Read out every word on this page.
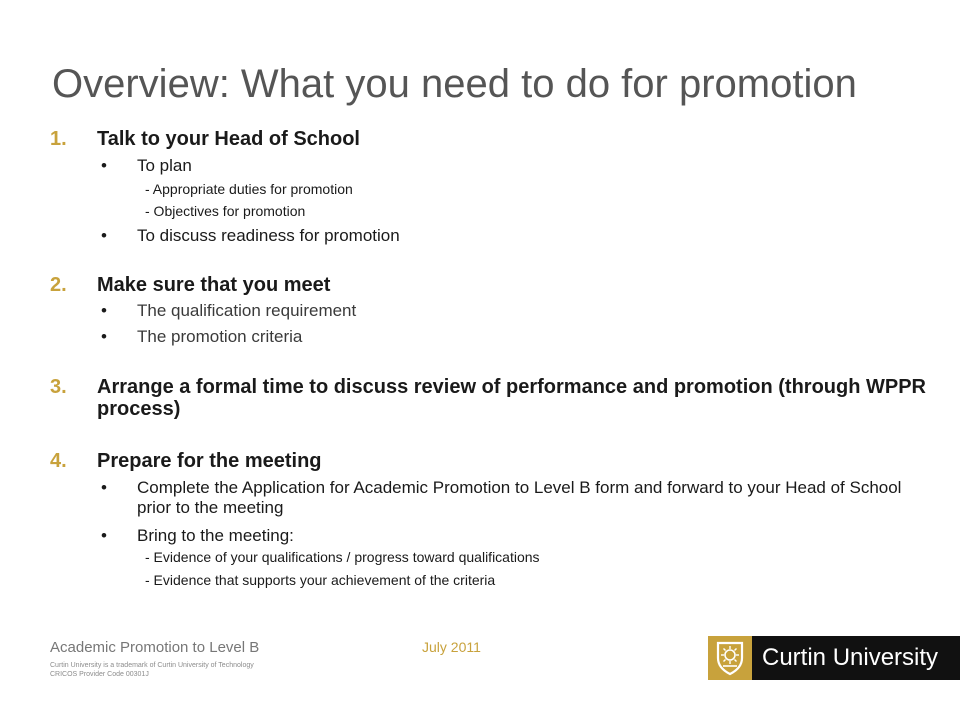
Overview: What you need to do for promotion
1. Talk to your Head of School
• To plan
- Appropriate duties for promotion
- Objectives for promotion
• To discuss readiness for promotion
2. Make sure that you meet
• The qualification requirement
• The promotion criteria
3. Arrange a formal time to discuss review of performance and promotion (through WPPR process)
4. Prepare for the meeting
• Complete the Application for Academic Promotion to Level B form and forward to your Head of School prior to the meeting
• Bring to the meeting:
- Evidence of your qualifications / progress toward qualifications
- Evidence that supports your achievement of the criteria
Academic Promotion to Level B	July 2011
Curtin University is a trademark of Curtin University of Technology
CRICOS Provider Code 00301J
Curtin University
